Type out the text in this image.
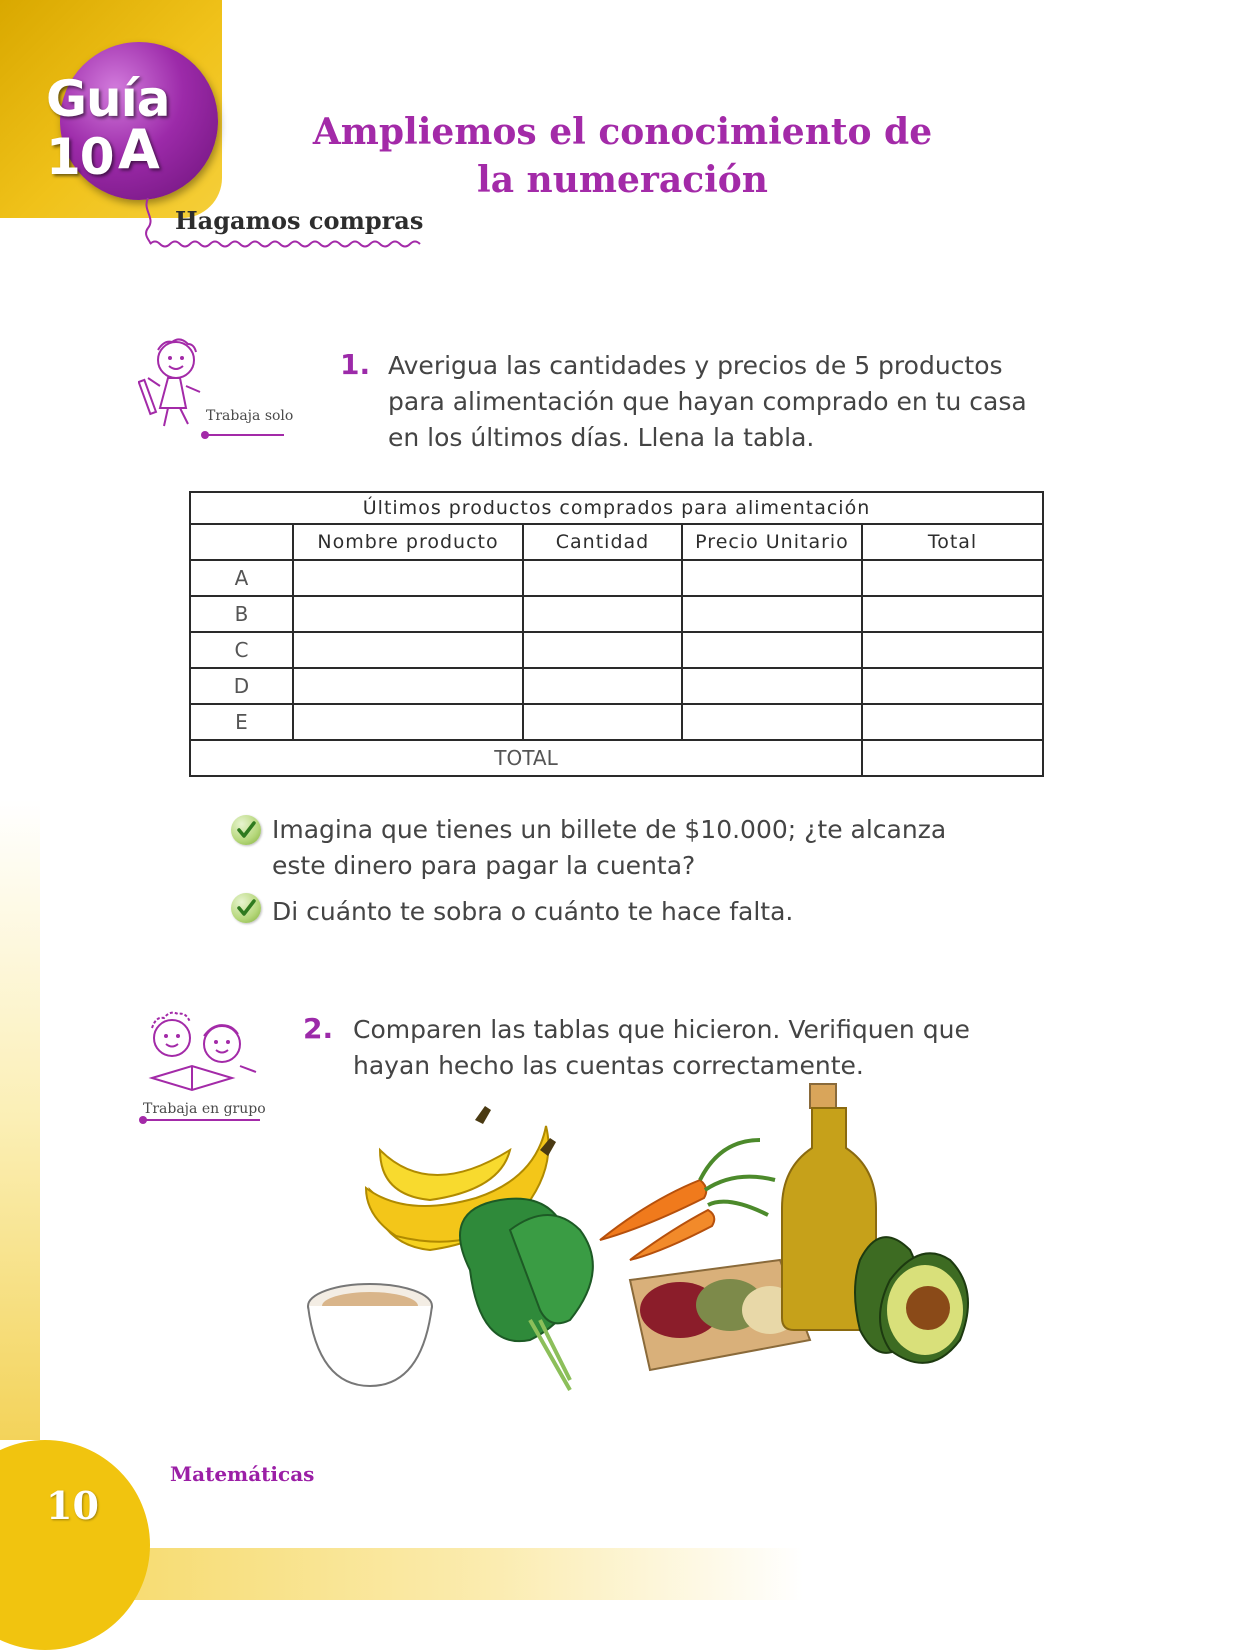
Guía 10 A	Ampliemos el conocimiento de la numeración
Hagamos compras
Trabaja solo
1. Averigua las cantidades y precios de 5 productos para alimentación que hayan comprado en tu casa en los últimos días. Llena la tabla.
Últimos productos comprados para alimentación				
	Nombre producto	Cantidad	Precio Unitario	Total
A				
B				
C				
D				
E				
TOTAL				
Imagina que tienes un billete de $10.000; ¿te alcanza este dinero para pagar la cuenta?
Di cuánto te sobra o cuánto te hace falta.
Trabaja en grupo
2. Comparen las tablas que hicieron. Verifiquen que hayan hecho las cuentas correctamente.
Matemáticas
10
